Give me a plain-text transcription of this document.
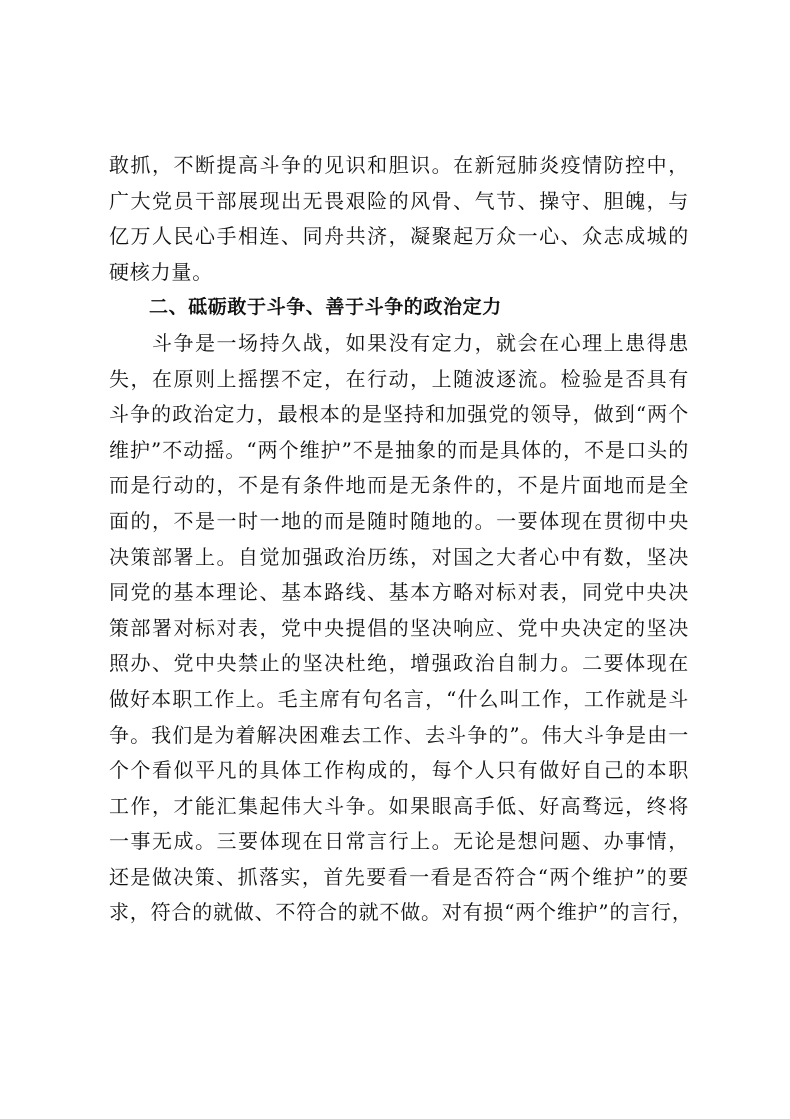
敢抓，不断提高斗争的见识和胆识。在新冠肺炎疫情防控中，
广大党员干部展现出无畏艰险的风骨、气节、操守、胆魄，与
亿万人民心手相连、同舟共济，凝聚起万众一心、众志成城的
硬核力量。
二、砥砺敢于斗争、善于斗争的政治定力
　　斗争是一场持久战，如果没有定力，就会在心理上患得患
失，在原则上摇摆不定，在行动，上随波逐流。检验是否具有
斗争的政治定力，最根本的是坚持和加强党的领导，做到“两个
维护”不动摇。“两个维护”不是抽象的而是具体的，不是口头的
而是行动的，不是有条件地而是无条件的，不是片面地而是全
面的，不是一时一地的而是随时随地的。一要体现在贯彻中央
决策部署上。自觉加强政治历练，对国之大者心中有数，坚决
同党的基本理论、基本路线、基本方略对标对表，同党中央决
策部署对标对表，党中央提倡的坚决响应、党中央决定的坚决
照办、党中央禁止的坚决杜绝，增强政治自制力。二要体现在
做好本职工作上。毛主席有句名言，“什么叫工作，工作就是斗
争。我们是为着解决困难去工作、去斗争的”。伟大斗争是由一
个个看似平凡的具体工作构成的，每个人只有做好自己的本职
工作，才能汇集起伟大斗争。如果眼高手低、好高骛远，终将
一事无成。三要体现在日常言行上。无论是想问题、办事情，
还是做决策、抓落实，首先要看一看是否符合“两个维护”的要
求，符合的就做、不符合的就不做。对有损“两个维护”的言行，
